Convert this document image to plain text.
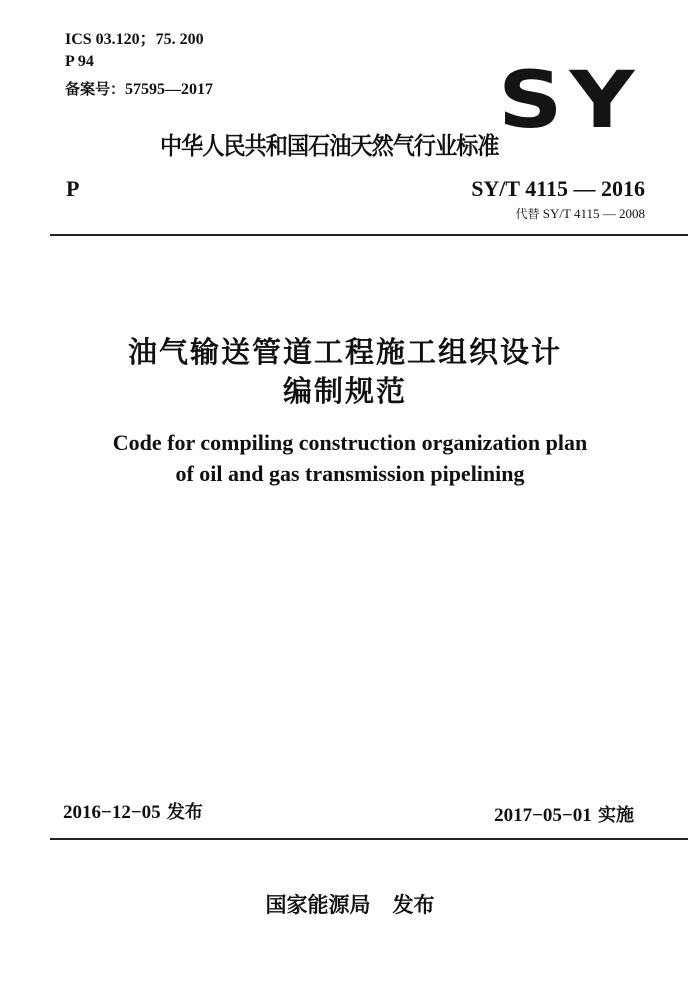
ICS 03.120；75. 200
P 94
备案号：57595—2017	SY
中华人民共和国石油天然气行业标准
P	SY/T 4115 — 2016
代替 SY/T 4115 — 2008
油气输送管道工程施工组织设计
编制规范
Code for compiling construction organization plan
of oil and gas transmission pipelining
2016−12−05 发布	2017−05−01 实施
国家能源局   发布
